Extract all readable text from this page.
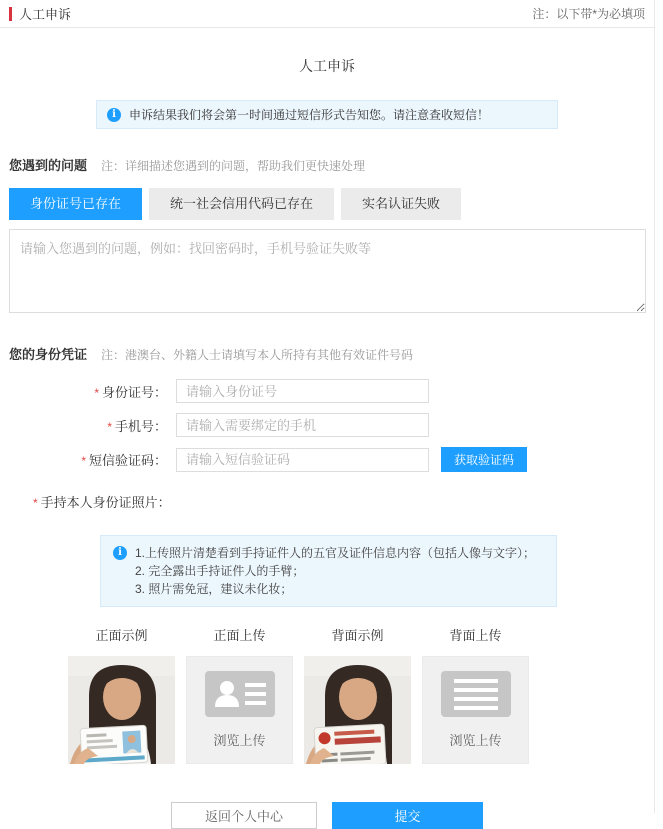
人工申诉	注：以下带*为必填项
人工申诉
i	申诉结果我们将会第一时间通过短信形式告知您。请注意查收短信！
您遇到的问题 注：详细描述您遇到的问题，帮助我们更快速处理
身份证号已存在	统一社会信用代码已存在	实名认证失败
请输入您遇到的问题，例如：找回密码时，手机号验证失败等
您的身份凭证 注：港澳台、外籍人士请填写本人所持有其他有效证件号码
* 身份证号：
请输入身份证号
* 手机号：
请输入需要绑定的手机
* 短信验证码：
请输入短信验证码	获取验证码
* 手持本人身份证照片：
i	1.上传照片清楚看到手持证件人的五官及证件信息内容（包括人像与文字）；
2. 完全露出手持证件人的手臂；
3. 照片需免冠，建议未化妆；
正面示例	正面上传	背面示例	背面上传
浏览上传	浏览上传
返回个人中心	提交
